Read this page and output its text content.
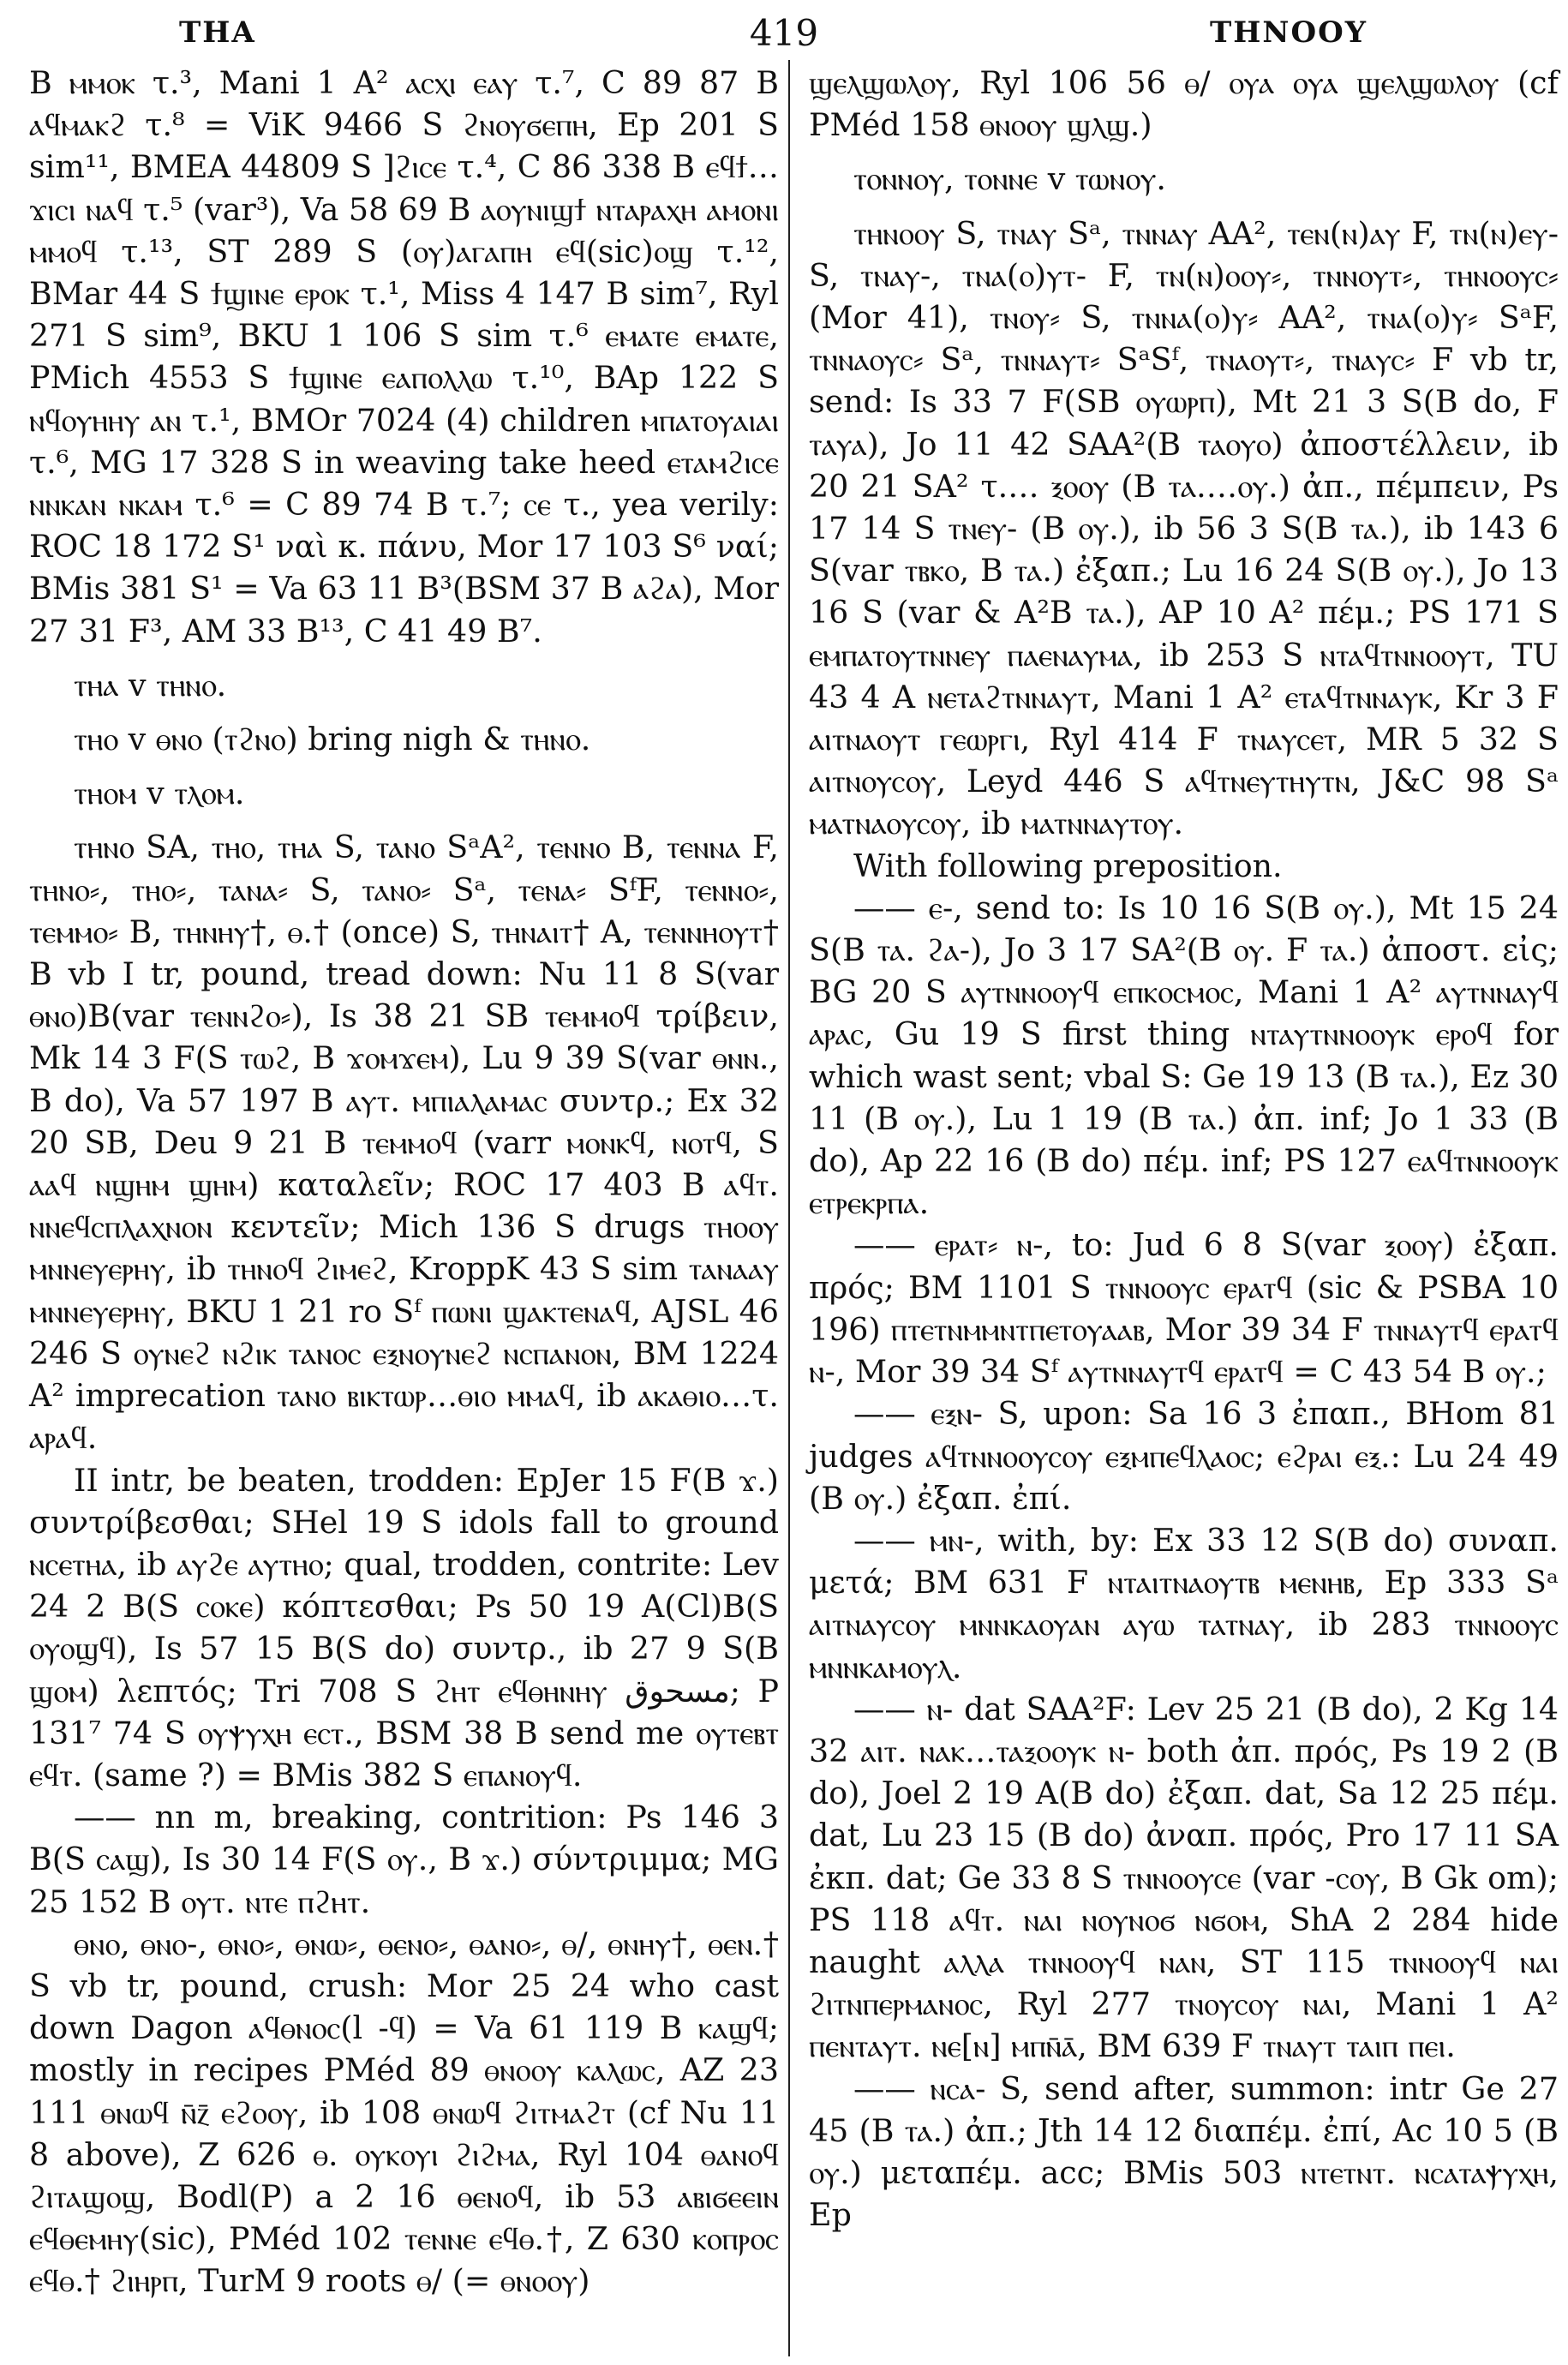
ΤΗΑ	419	ΤΗΝΟΟΥ

B ⲙⲙⲟⲕ τ.³, Mani 1 A² ⲁⲥⲭⲓ ⲉⲁⲩ τ.⁷, C 89 87 B ⲁϥⲙⲁⲕϩ τ.⁸ = ViK 9466 S ϩⲛⲟⲩϭⲉⲡⲏ, Ep 201 S sim¹¹, BMEA 44809 S ]ϩⲓⲥⲉ τ.⁴, C 86 338 B ⲉϥϯ…ϫⲓⲥⲓ ⲛⲁϥ τ.⁵ (var³), Va 58 69 B ⲁⲟⲩⲛⲓϣϯ ⲛⲧⲁⲣⲁⲭⲏ ⲁⲙⲟⲛⲓ ⲙⲙⲟϥ τ.¹³, ST 289 S (ⲟⲩ)ⲁⲅⲁⲡⲏ ⲉϥ(sic)ⲟϣ τ.¹², BMar 44 S ϯϣⲓⲛⲉ ⲉⲣⲟⲕ τ.¹, Miss 4 147 B sim⁷, Ryl 271 S sim⁹, BKU 1 106 S sim τ.⁶ ⲉⲙⲁⲧⲉ ⲉⲙⲁⲧⲉ, PMich 4553 S ϯϣⲓⲛⲉ ⲉⲁⲡⲟⲗⲗⲱ τ.¹⁰, BAp 122 S ⲛϥⲟⲩⲏⲏⲩ ⲁⲛ τ.¹, BMOr 7024 (4) children ⲙⲡⲁⲧⲟⲩⲁⲓⲁⲓ τ.⁶, MG 17 328 S in weaving take heed ⲉⲧⲁⲙϩⲓⲥⲉ ⲛⲛⲕⲁⲛ ⲛⲕⲁⲙ τ.⁶ = C 89 74 B τ.⁷; ⲥⲉ τ., yea verily: ROC 18 172 S¹ ναὶ κ. πάνυ, Mor 17 103 S⁶ ναί; BMis 381 S¹ = Va 63 11 B³(BSM 37 B ⲁϩⲁ), Mor 27 31 F³, AM 33 B¹³, C 41 49 B⁷.

ⲧⲏⲁ v ⲧⲏⲛⲟ.

ⲧⲏⲟ v ⲑⲛⲟ (ⲧϩⲛⲟ) bring nigh & ⲧⲏⲛⲟ.

ⲧⲏⲟⲙ v ⲧⲗⲟⲙ.

ⲧⲏⲛⲟ SA, ⲧⲏⲟ, ⲧⲏⲁ S, ⲧⲁⲛⲟ SᵃA², ⲧⲉⲛⲛⲟ B, ⲧⲉⲛⲛⲁ F, ⲧⲏⲛⲟ⸗, ⲧⲏⲟ⸗, ⲧⲁⲛⲁ⸗ S, ⲧⲁⲛⲟ⸗ Sᵃ, ⲧⲉⲛⲁ⸗ SᶠF, ⲧⲉⲛⲛⲟ⸗, ⲧⲉⲙⲙⲟ⸗ B, ⲧⲏⲛⲏⲩ†, ⲑ.† (once) S, ⲧⲏⲛⲁⲓⲧ† A, ⲧⲉⲛⲛⲏⲟⲩⲧ† B vb I tr, pound, tread down: Nu 11 8 S(var ⲑⲛⲟ)B(var ⲧⲉⲛⲛϩⲟ⸗), Is 38 21 SB ⲧⲉⲙⲙⲟϥ τρίβειν, Mk 14 3 F(S ⲧⲱϩ, B ϫⲟⲙϫⲉⲙ), Lu 9 39 S(var ⲑⲛⲛ., B do), Va 57 197 B ⲁⲩⲧ. ⲙⲡⲓⲁⲗⲁⲙⲁⲥ συντρ.; Ex 32 20 SB, Deu 9 21 B ⲧⲉⲙⲙⲟϥ (varr ⲙⲟⲛⲕϥ, ⲛⲟⲧϥ, S ⲁⲁϥ ⲛϣⲏⲙ ϣⲏⲙ) καταλεῖν; ROC 17 403 B ⲁϥⲧ. ⲛⲛⲉϥⲥⲡⲗⲁⲭⲛⲟⲛ κεντεῖν; Mich 136 S drugs ⲧⲏⲟⲟⲩ ⲙⲛⲛⲉⲩⲉⲣⲏⲩ, ib ⲧⲏⲛⲟϥ ϩⲓⲙⲉϩ, KroppK 43 S sim ⲧⲁⲛⲁⲁⲩ ⲙⲛⲛⲉⲩⲉⲣⲏⲩ, BKU 1 21 ro Sᶠ ⲡⲱⲛⲓ ϣⲁⲕⲧⲉⲛⲁϥ, AJSL 46 246 S ⲟⲩⲛⲉϩ ⲛϩⲓⲕ ⲧⲁⲛⲟⲥ ⲉⲝⲛⲟⲩⲛⲉϩ ⲛⲥⲡⲁⲛⲟⲛ, BM 1224 A² imprecation ⲧⲁⲛⲟ ⲃⲓⲕⲧⲱⲣ…ⲑⲓⲟ ⲙⲙⲁϥ, ib ⲁⲕⲁⲑⲓⲟ…τ. ⲁⲣⲁϥ.

II intr, be beaten, trodden: EpJer 15 F(B ϫ.) συντρίβεσθαι; SHel 19 S idols fall to ground ⲛⲥⲉⲧⲏⲁ, ib ⲁⲩϩⲉ ⲁⲩⲧⲏⲟ; qual, trodden, contrite: Lev 24 2 B(S ⲥⲟⲕⲉ) κόπτεσθαι; Ps 50 19 A(Cl)B(S ⲟⲩⲟϣϥ), Is 57 15 B(S do) συντρ., ib 27 9 S(B ϣⲟⲙ) λεπτός; Tri 708 S ϩⲏⲧ ⲉϥⲑⲏⲛⲏⲩ مسحوق; P 131⁷ 74 S ⲟⲩⲯⲩⲭⲏ ⲉⲥⲧ., BSM 38 B send me ⲟⲩⲧⲉⲃⲧ ⲉϥⲧ. (same ?) = BMis 382 S ⲉⲡⲁⲛⲟⲩϥ.

—— nn m, breaking, contrition: Ps 146 3 B(S ⲥⲁϣ), Is 30 14 F(S ⲟⲩ., B ϫ.) σύντριμμα; MG 25 152 B ⲟⲩⲧ. ⲛⲧⲉ ⲡϩⲏⲧ.

ⲑⲛⲟ, ⲑⲛⲟ-, ⲑⲛⲟ⸗, ⲑⲛⲱ⸗, ⲑⲉⲛⲟ⸗, ⲑⲁⲛⲟ⸗, ⲑ/, ⲑⲛⲏⲩ†, ⲑⲉⲛ.† S vb tr, pound, crush: Mor 25 24 who cast down Dagon ⲁϥⲑⲛⲟⲥ(l -ϥ) = Va 61 119 B ⲕⲁϣϥ; mostly in recipes PMéd 89 ⲑⲛⲟⲟⲩ ⲕⲁⲗⲱⲥ, AZ 23 111 ⲑⲛⲱϥ ⲛ̄ⲍ̄ ⲉϩⲟⲟⲩ, ib 108 ⲑⲛⲱϥ ϩⲓⲧⲙⲁϩⲧ (cf Nu 11 8 above), Z 626 ⲑ. ⲟⲩⲕⲟⲩⲓ ϩⲓϩⲙⲁ, Ryl 104 ⲑⲁⲛⲟϥ ϩⲓⲧⲁϣⲟϣ, Bodl(P) a 2 16 ⲑⲉⲛⲟϥ, ib 53 ⲁⲃⲓϭⲉⲉⲓⲛ ⲉϥⲑⲉⲙⲏⲩ(sic), PMéd 102 ⲧⲉⲛⲛⲉ ⲉϥⲑ.†, Z 630 ⲕⲟⲡⲣⲟⲥ ⲉϥⲑ.† ϩⲓⲏⲣⲡ, TurM 9 roots ⲑ/ (= ⲑⲛⲟⲟⲩ)

ϣⲉⲗϣⲱⲗⲟⲩ, Ryl 106 56 ⲑ/ ⲟⲩⲁ ⲟⲩⲁ ϣⲉⲗϣⲱⲗⲟⲩ (cf PMéd 158 ⲑⲛⲟⲟⲩ ϣⲗϣ.)

ⲧⲟⲛⲛⲟⲩ, ⲧⲟⲛⲛⲉ v ⲧⲱⲛⲟⲩ.

ⲧⲏⲛⲟⲟⲩ S, ⲧⲛⲁⲩ Sᵃ, ⲧⲛⲛⲁⲩ AA², ⲧⲉⲛ(ⲛ)ⲁⲩ F, ⲧⲛ(ⲛ)ⲉⲩ- S, ⲧⲛⲁⲩ-, ⲧⲛⲁ(ⲟ)ⲩⲧ- F, ⲧⲛ(ⲛ)ⲟⲟⲩ⸗, ⲧⲛⲛⲟⲩⲧ⸗, ⲧⲏⲛⲟⲟⲩⲥ⸗ (Mor 41), ⲧⲛⲟⲩ⸗ S, ⲧⲛⲛⲁ(ⲟ)ⲩ⸗ AA², ⲧⲛⲁ(ⲟ)ⲩ⸗ SᵃF, ⲧⲛⲛⲁⲟⲩⲥ⸗ Sᵃ, ⲧⲛⲛⲁⲩⲧ⸗ SᵃSᶠ, ⲧⲛⲁⲟⲩⲧ⸗, ⲧⲛⲁⲩⲥ⸗ F vb tr, send: Is 33 7 F(SB ⲟⲩⲱⲣⲡ), Mt 21 3 S(B do, F ⲧⲁⲩⲁ), Jo 11 42 SAA²(B ⲧⲁⲟⲩⲟ) ἀποστέλλειν, ib 20 21 SA² τ.… ⲝⲟⲟⲩ (B ⲧⲁ.…ⲟⲩ.) ἀπ., πέμπειν, Ps 17 14 S ⲧⲛⲉⲩ- (B ⲟⲩ.), ib 56 3 S(B ⲧⲁ.), ib 143 6 S(var ⲧⲃⲕⲟ, B ⲧⲁ.) ἐξαπ.; Lu 16 24 S(B ⲟⲩ.), Jo 13 16 S (var & A²B ⲧⲁ.), AP 10 A² πέμ.; PS 171 S ⲉⲙⲡⲁⲧⲟⲩⲧⲛⲛⲉⲩ ⲡⲁⲉⲛⲁⲩⲙⲁ, ib 253 S ⲛⲧⲁϥⲧⲛⲛⲟⲟⲩⲧ, TU 43 4 A ⲛⲉⲧⲁϩⲧⲛⲛⲁⲩⲧ, Mani 1 A² ⲉⲧⲁϥⲧⲛⲛⲁⲩⲕ, Kr 3 F ⲁⲓⲧⲛⲁⲟⲩⲧ ⲅⲉⲱⲣⲅⲓ, Ryl 414 F ⲧⲛⲁⲩⲥⲉⲧ, MR 5 32 S ⲁⲓⲧⲛⲟⲩⲥⲟⲩ, Leyd 446 S ⲁϥⲧⲛⲉⲩⲧⲏⲩⲧⲛ, J&C 98 Sᵃ ⲙⲁⲧⲛⲁⲟⲩⲥⲟⲩ, ib ⲙⲁⲧⲛⲛⲁⲩⲧⲟⲩ.

With following preposition.

—— ⲉ-, send to: Is 10 16 S(B ⲟⲩ.), Mt 15 24 S(B ⲧⲁ. ϩⲁ-), Jo 3 17 SA²(B ⲟⲩ. F ⲧⲁ.) ἀποστ. εἰς; BG 20 S ⲁⲩⲧⲛⲛⲟⲟⲩϥ ⲉⲡⲕⲟⲥⲙⲟⲥ, Mani 1 A² ⲁⲩⲧⲛⲛⲁⲩϥ ⲁⲣⲁⲥ, Gu 19 S first thing ⲛⲧⲁⲩⲧⲛⲛⲟⲟⲩⲕ ⲉⲣⲟϥ for which wast sent; vbal S: Ge 19 13 (B ⲧⲁ.), Ez 30 11 (B ⲟⲩ.), Lu 1 19 (B ⲧⲁ.) ἀπ. inf; Jo 1 33 (B do), Ap 22 16 (B do) πέμ. inf; PS 127 ⲉⲁϥⲧⲛⲛⲟⲟⲩⲕ ⲉⲧⲣⲉⲕⲣⲡⲁ.

—— ⲉⲣⲁⲧ⸗ ⲛ-, to: Jud 6 8 S(var ⲝⲟⲟⲩ) ἐξαπ. πρός; BM 1101 S ⲧⲛⲛⲟⲟⲩⲥ ⲉⲣⲁⲧϥ (sic & PSBA 10 196) ⲡⲧⲉⲧⲛⲙⲙⲛⲧⲡⲉⲧⲟⲩⲁⲁⲃ, Mor 39 34 F ⲧⲛⲛⲁⲩⲧϥ ⲉⲣⲁⲧϥ ⲛ-, Mor 39 34 Sᶠ ⲁⲩⲧⲛⲛⲁⲩⲧϥ ⲉⲣⲁⲧϥ = C 43 54 B ⲟⲩ.;

—— ⲉⲝⲛ- S, upon: Sa 16 3 ἐπαπ., BHom 81 judges ⲁϥⲧⲛⲛⲟⲟⲩⲥⲟⲩ ⲉⲝⲙⲡⲉϥⲗⲁⲟⲥ; ⲉϩⲣⲁⲓ ⲉⲝ.: Lu 24 49 (B ⲟⲩ.) ἐξαπ. ἐπί.

—— ⲙⲛ-, with, by: Ex 33 12 S(B do) συναπ. μετά; BM 631 F ⲛⲧⲁⲓⲧⲛⲁⲟⲩⲧⲃ ⲙⲉⲛⲏⲃ, Ep 333 Sᵃ ⲁⲓⲧⲛⲁⲩⲥⲟⲩ ⲙⲛⲛⲕⲁⲟⲩⲁⲛ ⲁⲩⲱ ⲧⲁⲧⲛⲁⲩ, ib 283 ⲧⲛⲛⲟⲟⲩⲥ ⲙⲛⲛⲕⲁⲙⲟⲩⲗ.

—— ⲛ- dat SAA²F: Lev 25 21 (B do), 2 Kg 14 32 ⲁⲓⲧ. ⲛⲁⲕ…ⲧⲁⲝⲟⲟⲩⲕ ⲛ- both ἀπ. πρός, Ps 19 2 (B do), Joel 2 19 A(B do) ἐξαπ. dat, Sa 12 25 πέμ. dat, Lu 23 15 (B do) ἀναπ. πρός, Pro 17 11 SA ἐκπ. dat; Ge 33 8 S ⲧⲛⲛⲟⲟⲩⲥⲉ (var -ⲥⲟⲩ, B Gk om); PS 118 ⲁϥⲧ. ⲛⲁⲓ ⲛⲟⲩⲛⲟϭ ⲛϭⲟⲙ, ShA 2 284 hide naught ⲁⲗⲗⲁ ⲧⲛⲛⲟⲟⲩϥ ⲛⲁⲛ, ST 115 ⲧⲛⲛⲟⲟⲩϥ ⲛⲁⲓ ϩⲓⲧⲛⲡⲉⲣⲙⲁⲛⲟⲥ, Ryl 277 ⲧⲛⲟⲩⲥⲟⲩ ⲛⲁⲓ, Mani 1 A² ⲡⲉⲛⲧⲁⲩⲧ. ⲛⲉ[ⲛ] ⲙⲡⲛ̄ⲁ̄, BM 639 F ⲧⲛⲁⲩⲧ ⲧⲁⲓⲡ ⲡⲉⲓ.

—— ⲛⲥⲁ- S, send after, summon: intr Ge 27 45 (B ⲧⲁ.) ἀπ.; Jth 14 12 διαπέμ. ἐπί, Ac 10 5 (B ⲟⲩ.) μεταπέμ. acc; BMis 503 ⲛⲧⲉⲧⲛⲧ. ⲛⲥⲁⲧⲁⲯⲩⲭⲏ, Ep
